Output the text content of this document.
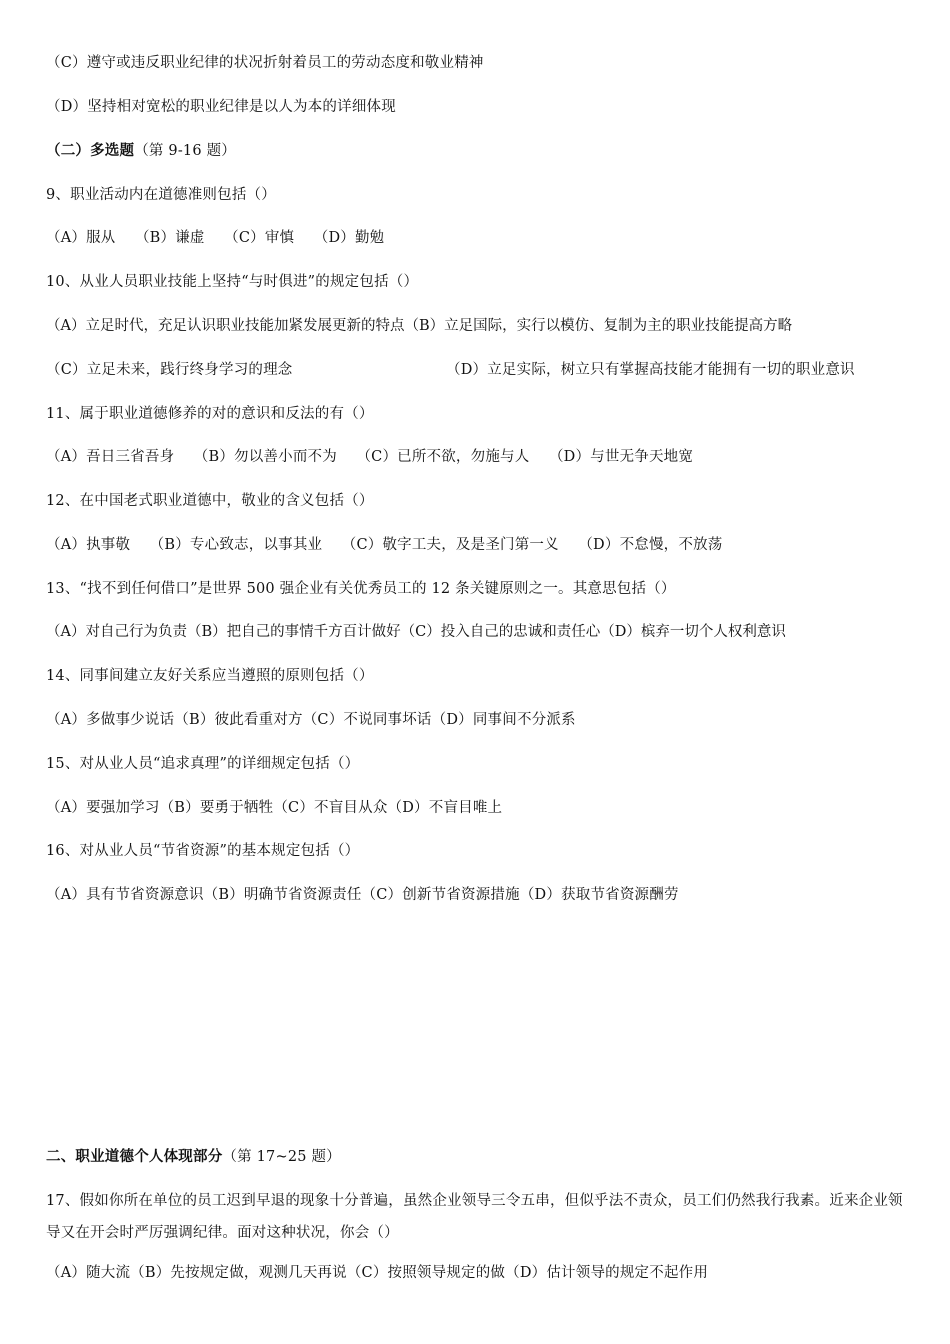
（C）遵守或违反职业纪律的状况折射着员工的劳动态度和敬业精神
（D）坚持相对宽松的职业纪律是以人为本的详细体现
（二）多选题（第 9-16 题）
9、职业活动内在道德准则包括（）
（A）服从　 （B）谦虚　 （C）审慎　 （D）勤勉
10、从业人员职业技能上坚持“与时俱进”的规定包括（）
（A）立足时代，充足认识职业技能加紧发展更新的特点（B）立足国际，实行以模仿、复制为主的职业技能提高方略
（C）立足未来，践行终身学习的理念	（D）立足实际，树立只有掌握高技能才能拥有一切的职业意识
11、属于职业道德修养的对的意识和反法的有（）
（A）吾日三省吾身　 （B）勿以善小而不为　 （C）已所不欲，勿施与人　 （D）与世无争天地宽
12、在中国老式职业道德中，敬业的含义包括（）
（A）执事敬　 （B）专心致志，以事其业　 （C）敬字工夫，及是圣门第一义　 （D）不怠慢，不放荡
13、“找不到任何借口”是世界 500 强企业有关优秀员工的 12 条关键原则之一。其意思包括（）
（A）对自己行为负责（B）把自己的事情千方百计做好（C）投入自己的忠诚和责任心（D）槟弃一切个人权利意识
14、同事间建立友好关系应当遵照的原则包括（）
（A）多做事少说话（B）彼此看重对方（C）不说同事坏话（D）同事间不分派系
15、对从业人员“追求真理”的详细规定包括（）
（A）要强加学习（B）要勇于牺牲（C）不盲目从众（D）不盲目唯上
16、对从业人员“节省资源”的基本规定包括（）
（A）具有节省资源意识（B）明确节省资源责任（C）创新节省资源措施（D）获取节省资源酬劳
二、职业道德个人体现部分（第 17~25 题）
17、假如你所在单位的员工迟到早退的现象十分普遍，虽然企业领导三令五串，但似乎法不责众，员工们仍然我行我素。近来企业领导又在开会时严厉强调纪律。面对这种状况，你会（）
（A）随大流（B）先按规定做，观测几天再说（C）按照领导规定的做（D）估计领导的规定不起作用
